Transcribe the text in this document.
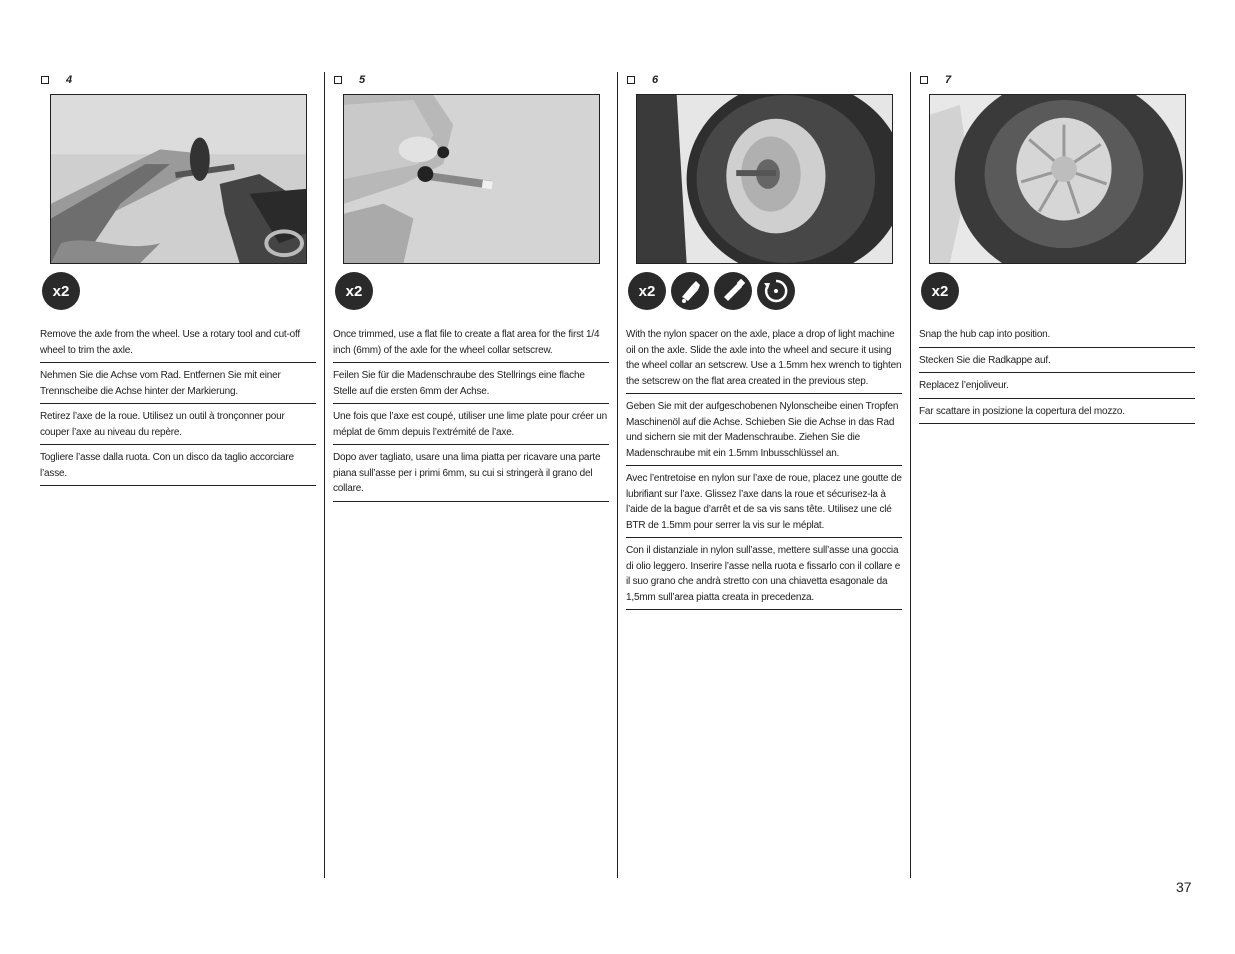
4
x2

Remove the axle from the wheel. Use a rotary tool and cut-off wheel to trim the axle.

Nehmen Sie die Achse vom Rad. Entfernen Sie mit einer Trennscheibe die Achse hinter der Markierung.

Retirez l’axe de la roue. Utilisez un outil à tronçonner pour couper l’axe au niveau du repère.

Togliere l’asse dalla ruota. Con un disco da taglio accorciare l’asse.

5
x2

Once trimmed, use a flat file to create a flat area for the first 1/4 inch (6mm) of the axle for the wheel collar setscrew.

Feilen Sie für die Madenschraube des Stellrings eine flache Stelle auf die ersten 6mm der Achse.

Une fois que l’axe est coupé, utiliser une lime plate pour créer un méplat de 6mm depuis l’extrémité de l’axe.

Dopo aver tagliato, usare una lima piatta per ricavare una parte piana sull’asse per i primi 6mm, su cui si stringerà il grano del collare.

6
x2

With the nylon spacer on the axle, place a drop of light machine oil on the axle. Slide the axle into the wheel and secure it using the wheel collar an setscrew. Use a 1.5mm hex wrench to tighten the setscrew on the flat area created in the previous step.

Geben Sie mit der aufgeschobenen Nylonscheibe einen Tropfen Maschinenöl auf die Achse. Schieben Sie die Achse in das Rad und sichern sie mit der Madenschraube. Ziehen Sie die Madenschraube mit ein 1.5mm Inbusschlüssel an.

Avec l’entretoise en nylon sur l’axe de roue, placez une goutte de lubrifiant sur l’axe. Glissez l’axe dans la roue et sécurisez-la à l’aide de la bague d’arrêt et de sa vis sans tête. Utilisez une clé BTR de 1.5mm pour serrer la vis sur le méplat.

Con il distanziale in nylon sull’asse, mettere sull’asse una goccia di olio leggero. Inserire l’asse nella ruota e fissarlo con il collare e il suo grano che andrà stretto con una chiavetta esagonale da 1,5mm sull’area piatta creata in precedenza.

7
x2

Snap the hub cap into position.

Stecken Sie die Radkappe auf.

Replacez l’enjoliveur.

Far scattare in posizione la copertura del mozzo.

37
